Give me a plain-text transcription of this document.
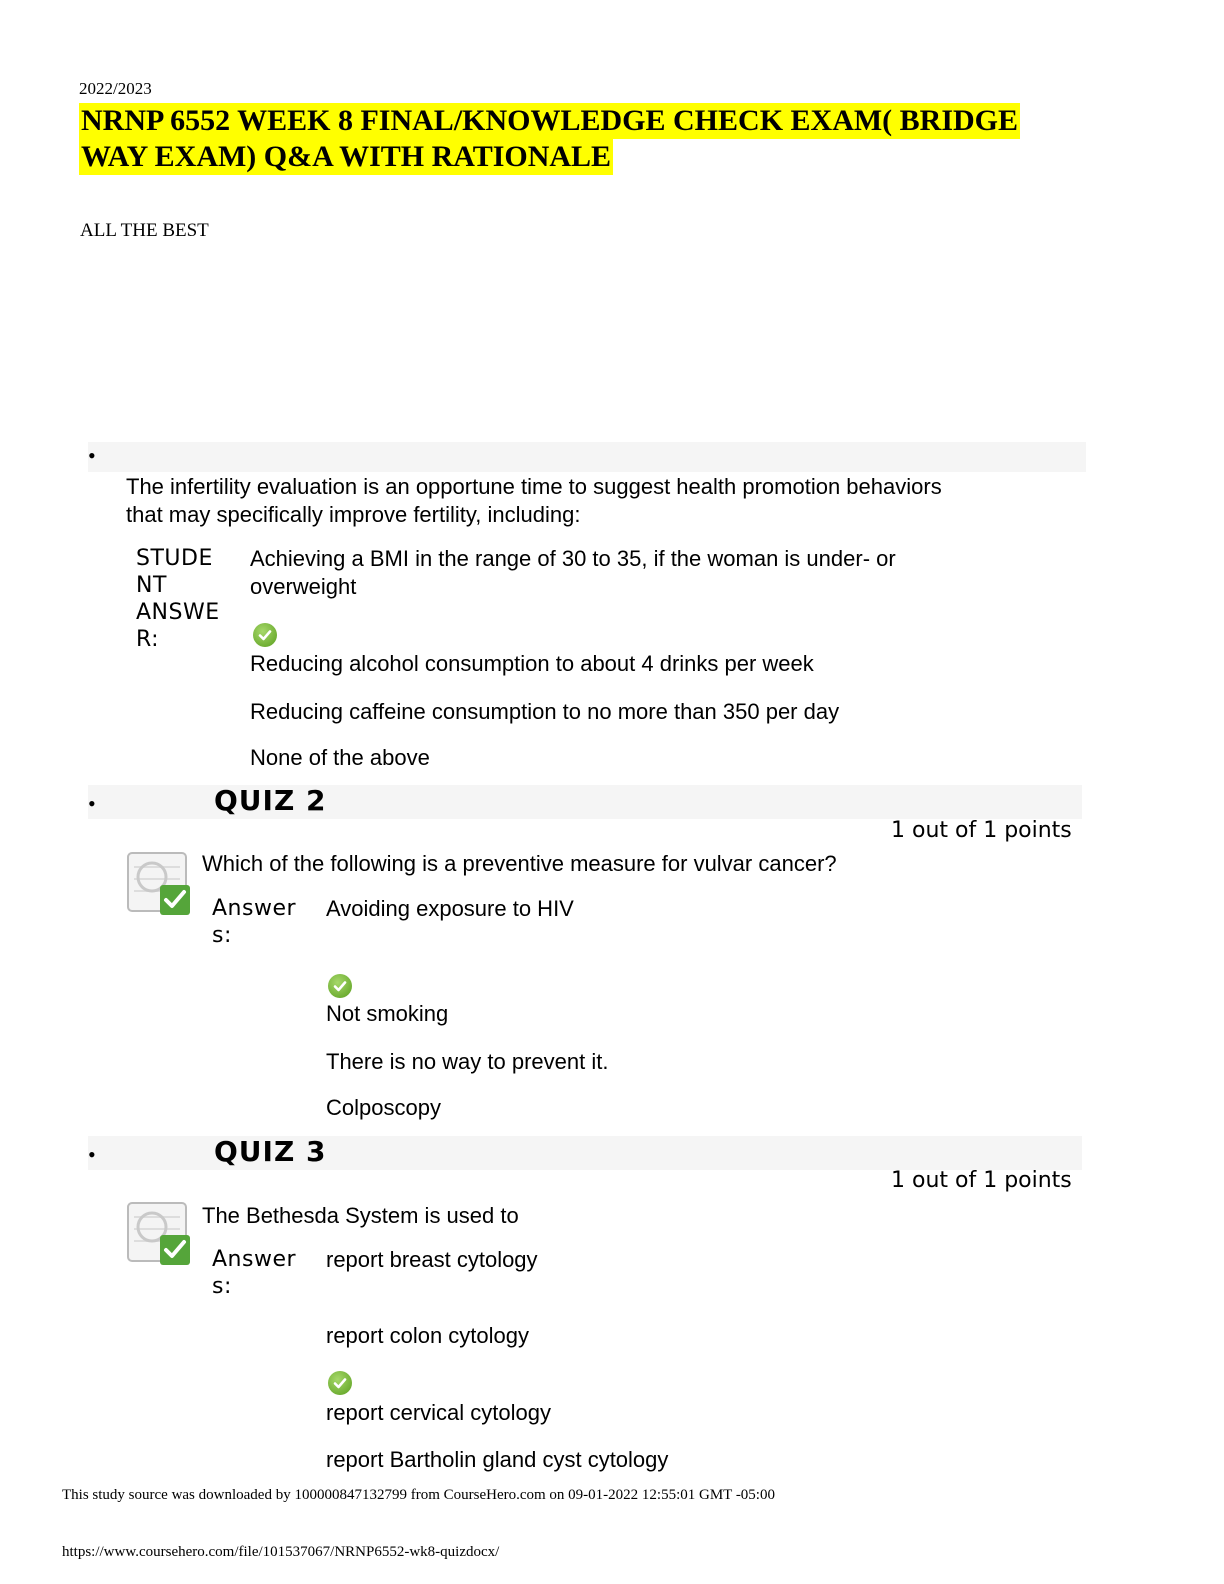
2022/2023
NRNP 6552 WEEK 8 FINAL/KNOWLEDGE CHECK EXAM( BRIDGE
WAY EXAM) Q&A WITH RATIONALE
ALL THE BEST
•
The infertility evaluation is an opportune time to suggest health promotion behaviors
that may specifically improve fertility, including:
STUDE
NT
ANSWE
R:
Achieving a BMI in the range of 30 to 35, if the woman is under- or
overweight
Reducing alcohol consumption to about 4 drinks per week
Reducing caffeine consumption to no more than 350 per day
None of the above
•	QUIZ 2
1 out of 1 points
Which of the following is a preventive measure for vulvar cancer?
Answer
s:
Avoiding exposure to HIV
Not smoking
There is no way to prevent it.
Colposcopy
•	QUIZ 3
1 out of 1 points
The Bethesda System is used to
Answer
s:
report breast cytology
report colon cytology
report cervical cytology
report Bartholin gland cyst cytology
This study source was downloaded by 100000847132799 from CourseHero.com on 09-01-2022 12:55:01 GMT -05:00
https://www.coursehero.com/file/101537067/NRNP6552-wk8-quizdocx/
